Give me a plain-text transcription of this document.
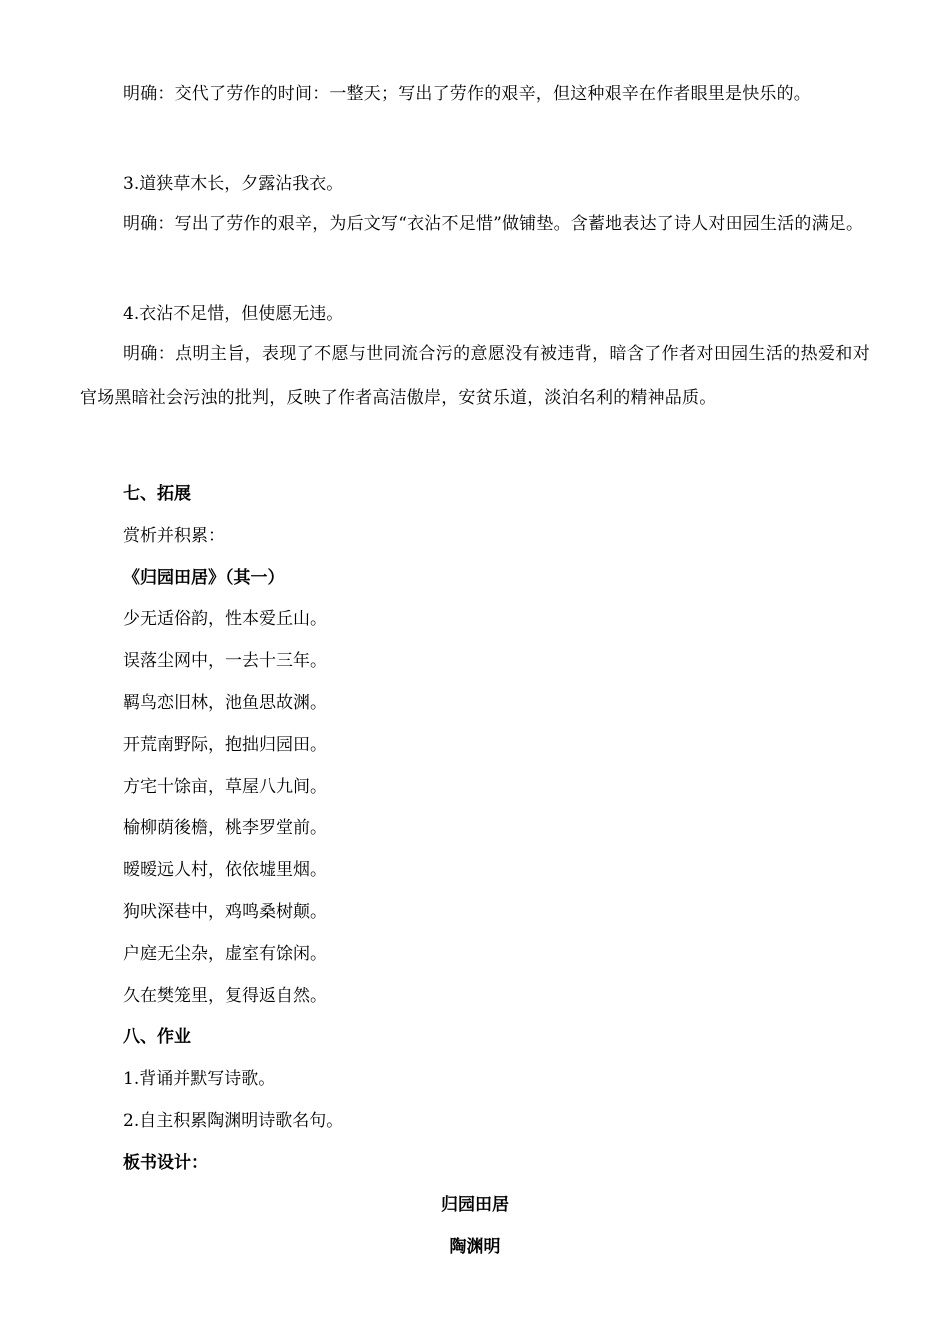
明确：交代了劳作的时间：一整天；写出了劳作的艰辛，但这种艰辛在作者眼里是快乐的。

3.道狭草木长，夕露沾我衣。

明确：写出了劳作的艰辛，为后文写“衣沾不足惜”做铺垫。含蓄地表达了诗人对田园生活的满足。

4.衣沾不足惜，但使愿无违。

明确：点明主旨，表现了不愿与世同流合污的意愿没有被违背，暗含了作者对田园生活的热爱和对官场黑暗社会污浊的批判，反映了作者高洁傲岸，安贫乐道，淡泊名利的精神品质。

七、拓展

赏析并积累：

《归园田居》（其一）

少无适俗韵，性本爱丘山。

误落尘网中，一去十三年。

羁鸟恋旧林，池鱼思故渊。

开荒南野际，抱拙归园田。

方宅十馀亩，草屋八九间。

榆柳荫後檐，桃李罗堂前。

暧暧远人村，依依墟里烟。

狗吠深巷中，鸡鸣桑树颠。

户庭无尘杂，虚室有馀闲。

久在樊笼里，复得返自然。

八、作业

1.背诵并默写诗歌。

2.自主积累陶渊明诗歌名句。

板书设计：

归园田居

陶渊明
